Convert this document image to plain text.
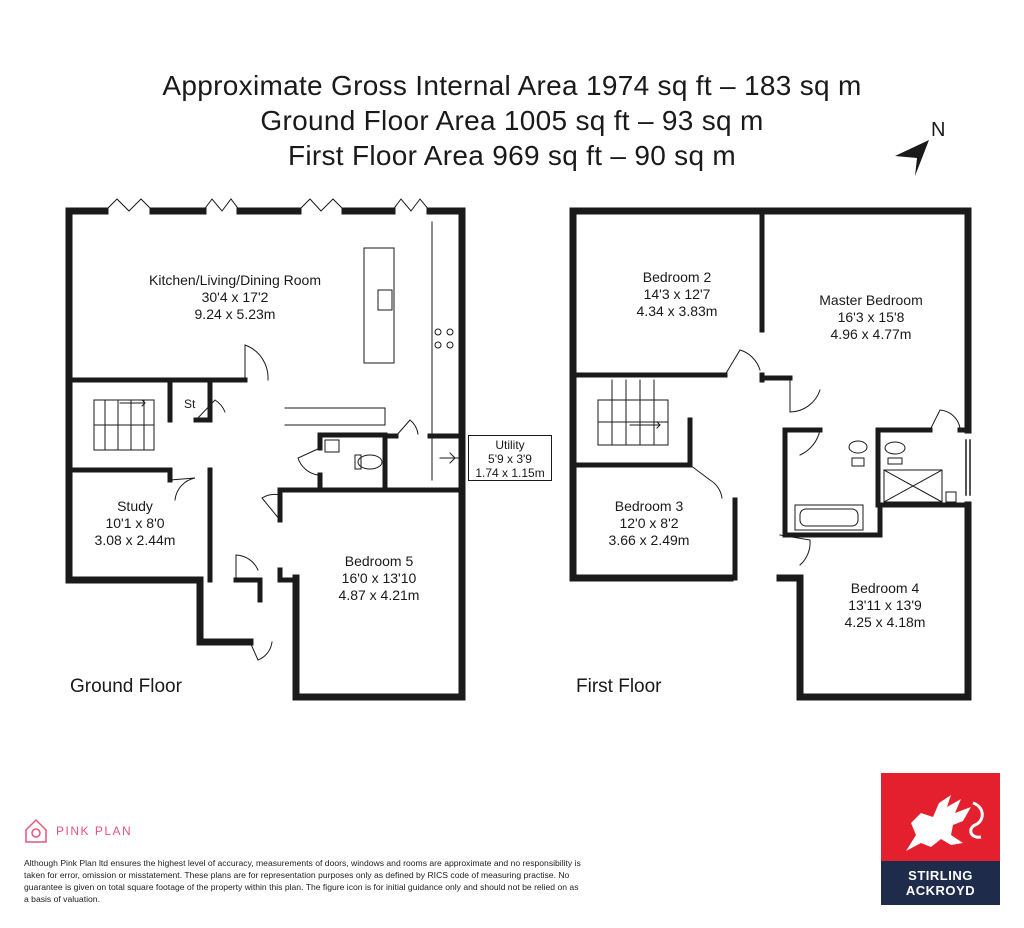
Approximate Gross Internal Area 1974 sq ft – 183 sq m
Ground Floor Area 1005 sq ft – 93 sq m
First Floor Area 969 sq ft – 90 sq m
N
Utility
5'9 x 3'9
1.74 x 1.15m
Kitchen/Living/Dining Room
30'4 x 17'2
9.24 x 5.23m
St
Study
10'1 x 8'0
3.08 x 2.44m
Bedroom 5
16'0 x 13'10
4.87 x 4.21m
Ground Floor
Bedroom 2
14'3 x 12'7
4.34 x 3.83m
Master Bedroom
16'3 x 15'8
4.96 x 4.77m
Bedroom 3
12'0 x 8'2
3.66 x 2.49m
Bedroom 4
13'11 x 13'9
4.25 x 4.18m
First Floor
PINK PLAN
Although Pink Plan ltd ensures the highest level of accuracy, measurements of doors, windows and rooms are approximate and no responsibility is taken for error, omission or misstatement. These plans are for representation purposes only as defined by RICS code of measuring practise. No guarantee is given on total square footage of the property within this plan. The figure icon is for initial guidance only and should not be relied on as a basis of valuation.
STIRLING
ACKROYD
